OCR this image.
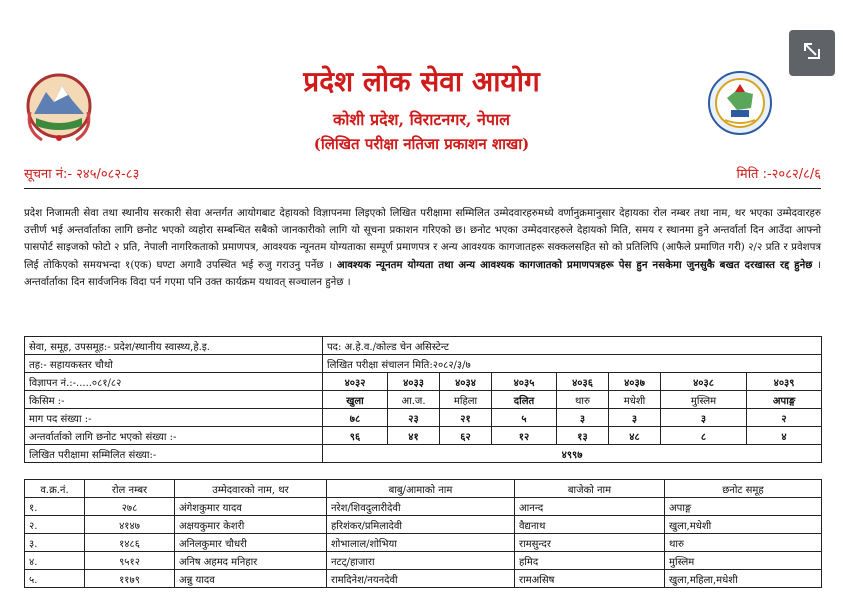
प्रदेश लोक सेवा आयोग
कोशी प्रदेश, विराटनगर, नेपाल
(लिखित परीक्षा नतिजा प्रकाशन शाखा)
सूचना नं:- २४५/०८२-८३	मिति :-२०८२/८/६
प्रदेश निजामती सेवा तथा स्थानीय सरकारी सेवा अन्तर्गत आयोगबाट देहायको विज्ञापनमा लिइएको लिखित परीक्षामा सम्मिलित उम्मेदवारहरुमध्ये वर्णानुक्रमानुसार देहायका रोल नम्बर तथा नाम, थर भएका उम्मेदवारहरु उत्तीर्ण भई अन्तर्वार्ताका लागि छनोट भएको व्यहोरा सम्बन्धित सबैको जानकारीको लागि यो सूचना प्रकाशन गरिएको छ। छनोट भएका उम्मेदवारहरुले देहायको मिति, समय र स्थानमा हुने अन्तर्वार्ता दिन आउँदा आफ्नो पासपोर्ट साइजको फोटो २ प्रति, नेपाली नागरिकताको प्रमाणपत्र, आवश्यक न्यूनतम योग्यताका सम्पूर्ण प्रमाणपत्र र अन्य आवश्यक कागजातहरू सक्कलसहित सो को प्रतिलिपि (आफैले प्रमाणित गरी) २/२ प्रति र प्रवेशपत्र लिई तोकिएको समयभन्दा १(एक) घण्टा अगावै उपस्थित भई रुजु गराउनु पर्नेछ । आवश्यक न्यूनतम योग्यता तथा अन्य आवश्यक कागजातको प्रमाणपत्रहरू पेस हुन नसकेमा जुनसुकै बखत दरखास्त रद्द हुनेछ । अन्तर्वार्ताका दिन सार्वजनिक विदा पर्न गएमा पनि उक्त कार्यक्रम यथावत् सञ्चालन हुनेछ ।
सेवा, समूह, उपसमूह:- प्रदेश/स्थानीय स्वास्थ्य,हे.इ.	पद: अ.हे.व./कोल्ड चेन असिस्टेन्ट							
तह:- सहायकस्तर चौथो	लिखित परीक्षा संचालन मिति:२०८२/३/७							
विज्ञापन नं.:-.....०८१/८२	४०३२	४०३३	४०३४	४०३५	४०३६	४०३७	४०३८	४०३९
किसिम :-	खुला	आ.ज.	महिला	दलित	थारु	मधेशी	मुस्लिम	अपाङ्ग
माग पद संख्या :-	७८	२३	२१	५	३	३	३	२
अन्तर्वार्ताको लागि छनोट भएको संख्या :-	९६	४१	६२	१२	१३	४८	८	४
लिखित परीक्षामा सम्मिलित संख्या:-	४९९७							
व.क्र.नं.	रोल नम्बर	उम्मेदवारको नाम, थर	बाबु/आमाको नाम	बाजेको नाम	छनोट समूह
१.	२७८	अंगेशकुमार यादव	नरेश/शिवदुलारीदेवी	आनन्द	अपाङ्ग
२.	४१४७	अक्षयकुमार केशरी	हरिशंकर/प्रमिलादेवी	वैद्यनाथ	खुला,मधेशी
३.	१४८६	अनिलकुमार चौधरी	शोभालाल/शोभिया	रामसुन्दर	थारु
४.	९५१२	अनिष अहमद मनिहार	नटट्/हाजारा	हमिद	मुस्लिम
५.	११७९	अन्नु यादव	रामदिनेश/नयनदेवी	रामअसिष	खुला,महिला,मधेशी
